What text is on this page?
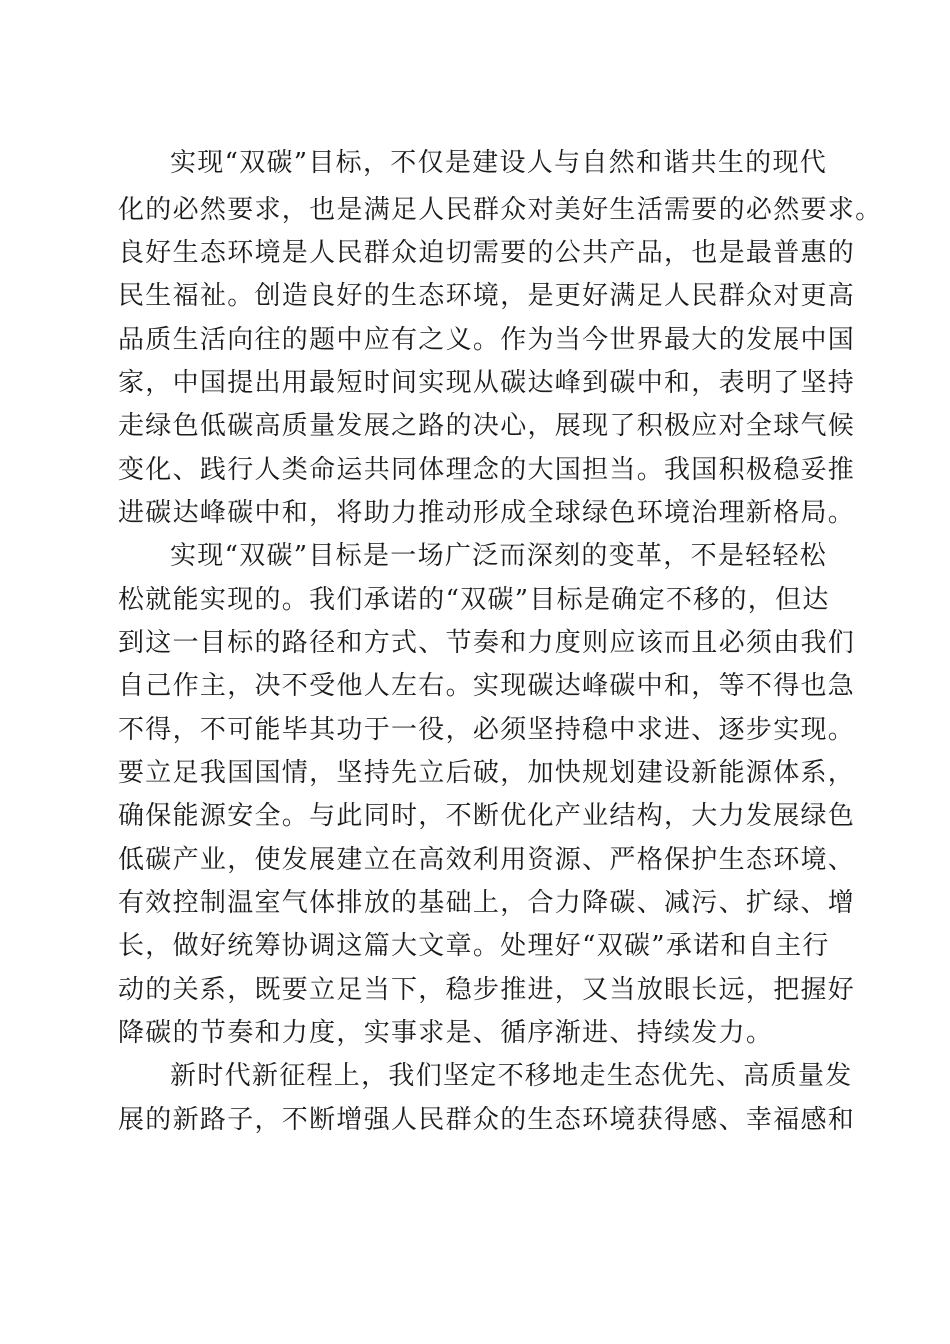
实现“双碳”目标，不仅是建设人与自然和谐共生的现代
化的必然要求，也是满足人民群众对美好生活需要的必然要求。
良好生态环境是人民群众迫切需要的公共产品，也是最普惠的
民生福祉。创造良好的生态环境，是更好满足人民群众对更高
品质生活向往的题中应有之义。作为当今世界最大的发展中国
家，中国提出用最短时间实现从碳达峰到碳中和，表明了坚持
走绿色低碳高质量发展之路的决心，展现了积极应对全球气候
变化、践行人类命运共同体理念的大国担当。我国积极稳妥推
进碳达峰碳中和，将助力推动形成全球绿色环境治理新格局。
实现“双碳”目标是一场广泛而深刻的变革，不是轻轻松
松就能实现的。我们承诺的“双碳”目标是确定不移的，但达
到这一目标的路径和方式、节奏和力度则应该而且必须由我们
自己作主，决不受他人左右。实现碳达峰碳中和，等不得也急
不得，不可能毕其功于一役，必须坚持稳中求进、逐步实现。
要立足我国国情，坚持先立后破，加快规划建设新能源体系，
确保能源安全。与此同时，不断优化产业结构，大力发展绿色
低碳产业，使发展建立在高效利用资源、严格保护生态环境、
有效控制温室气体排放的基础上，合力降碳、减污、扩绿、增
长，做好统筹协调这篇大文章。处理好“双碳”承诺和自主行
动的关系，既要立足当下，稳步推进，又当放眼长远，把握好
降碳的节奏和力度，实事求是、循序渐进、持续发力。
新时代新征程上，我们坚定不移地走生态优先、高质量发
展的新路子，不断增强人民群众的生态环境获得感、幸福感和
